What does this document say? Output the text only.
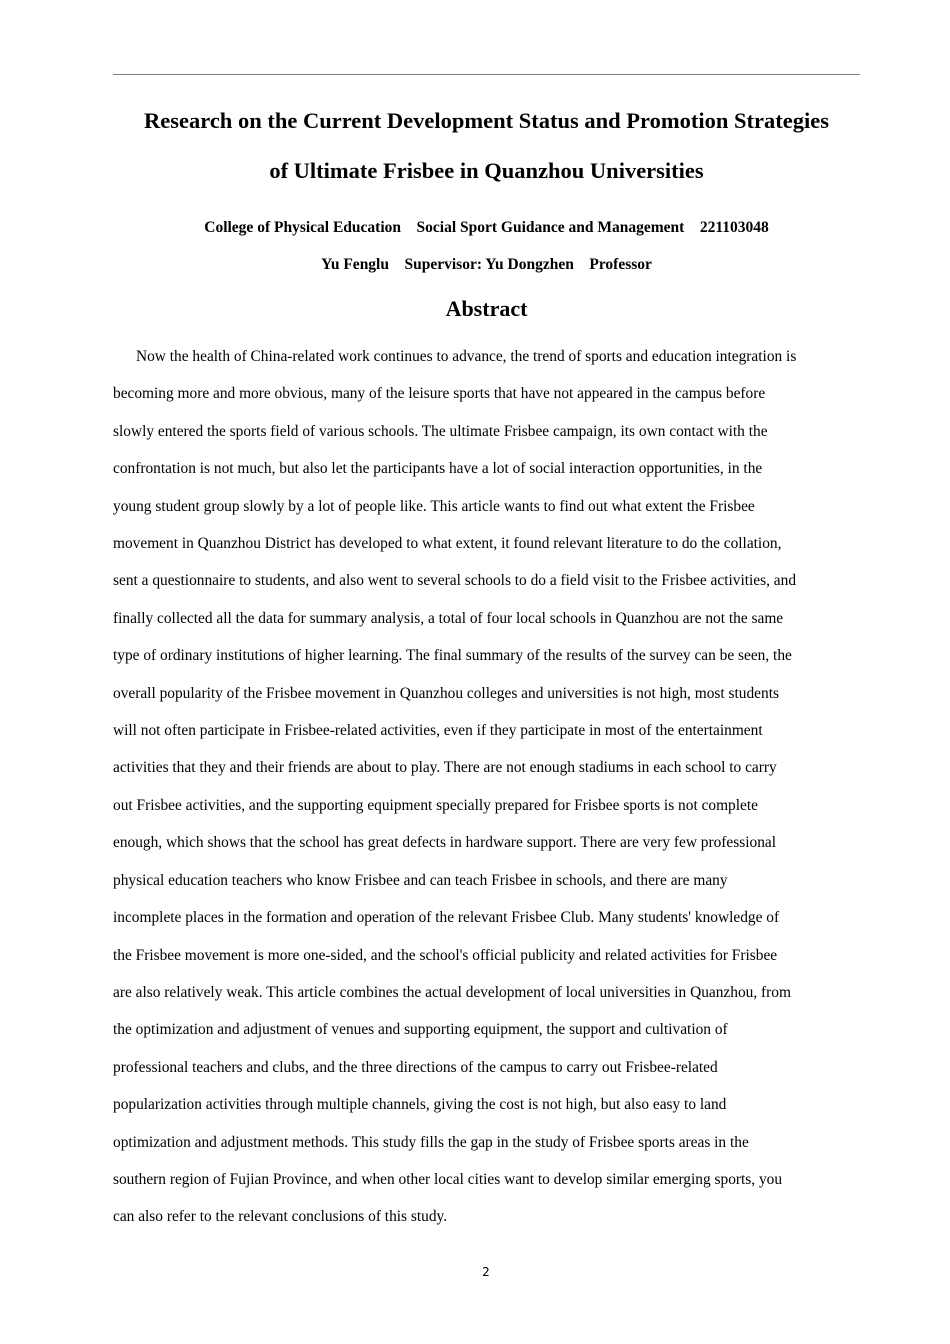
Research on the Current Development Status and Promotion Strategies
of Ultimate Frisbee in Quanzhou Universities
College of Physical Education    Social Sport Guidance and Management    221103048
Yu Fenglu    Supervisor: Yu Dongzhen    Professor
Abstract

Now the health of China-related work continues to advance, the trend of sports and education integration is
becoming more and more obvious, many of the leisure sports that have not appeared in the campus before
slowly entered the sports field of various schools. The ultimate Frisbee campaign, its own contact with the
confrontation is not much, but also let the participants have a lot of social interaction opportunities, in the
young student group slowly by a lot of people like. This article wants to find out what extent the Frisbee
movement in Quanzhou District has developed to what extent, it found relevant literature to do the collation,
sent a questionnaire to students, and also went to several schools to do a field visit to the Frisbee activities, and
finally collected all the data for summary analysis, a total of four local schools in Quanzhou are not the same
type of ordinary institutions of higher learning. The final summary of the results of the survey can be seen, the
overall popularity of the Frisbee movement in Quanzhou colleges and universities is not high, most students
will not often participate in Frisbee-related activities, even if they participate in most of the entertainment
activities that they and their friends are about to play. There are not enough stadiums in each school to carry
out Frisbee activities, and the supporting equipment specially prepared for Frisbee sports is not complete
enough, which shows that the school has great defects in hardware support. There are very few professional
physical education teachers who know Frisbee and can teach Frisbee in schools, and there are many
incomplete places in the formation and operation of the relevant Frisbee Club. Many students' knowledge of
the Frisbee movement is more one-sided, and the school's official publicity and related activities for Frisbee
are also relatively weak. This article combines the actual development of local universities in Quanzhou, from
the optimization and adjustment of venues and supporting equipment, the support and cultivation of
professional teachers and clubs, and the three directions of the campus to carry out Frisbee-related
popularization activities through multiple channels, giving the cost is not high, but also easy to land
optimization and adjustment methods. This study fills the gap in the study of Frisbee sports areas in the
southern region of Fujian Province, and when other local cities want to develop similar emerging sports, you
can also refer to the relevant conclusions of this study.

2
